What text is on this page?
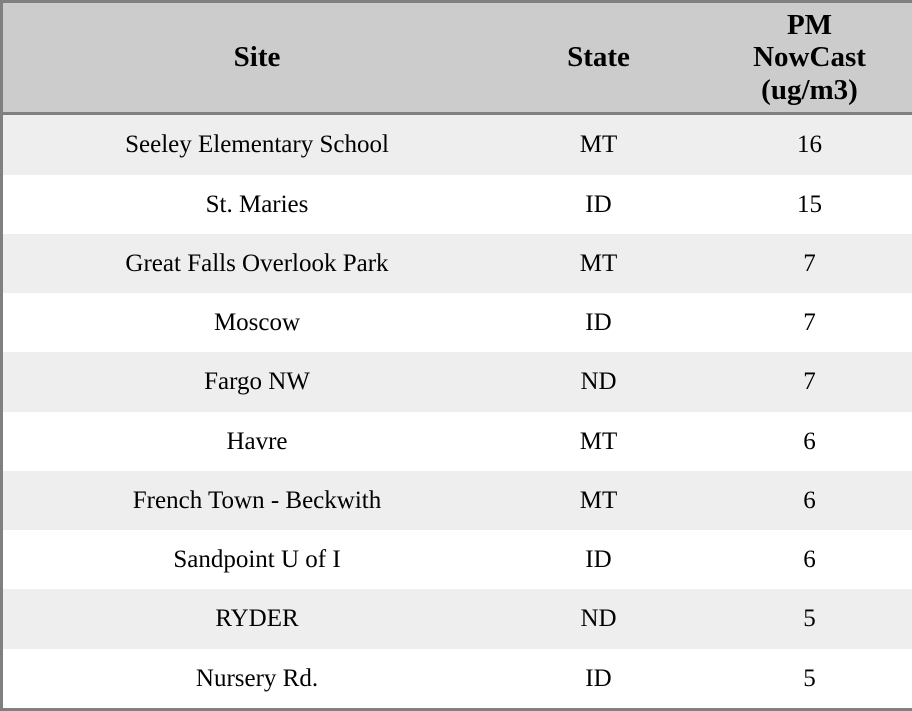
Site	State	PM
NowCast
(ug/m3)
Seeley Elementary School	MT	16
St. Maries	ID	15
Great Falls Overlook Park	MT	7
Moscow	ID	7
Fargo NW	ND	7
Havre	MT	6
French Town - Beckwith	MT	6
Sandpoint U of I	ID	6
RYDER	ND	5
Nursery Rd.	ID	5
